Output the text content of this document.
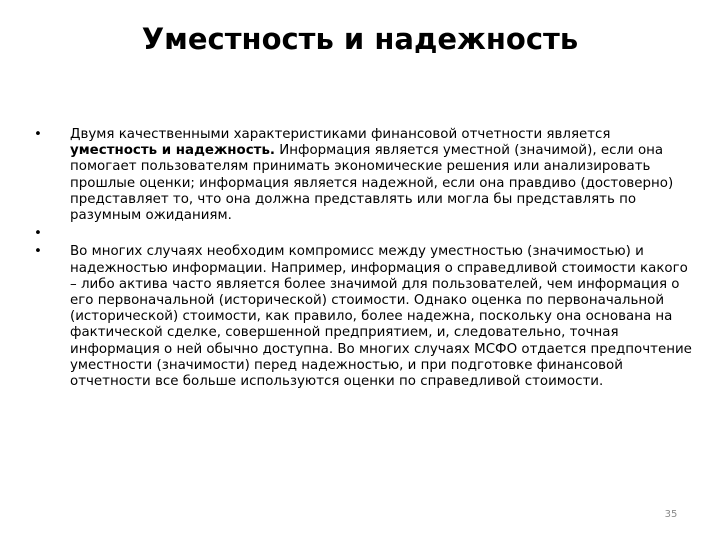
Уместность и надежность
• Двумя качественными характеристиками финансовой отчетности является уместность и надежность. Информация является уместной (значимой), если она помогает пользователям принимать экономические решения или анализировать прошлые оценки; информация является надежной, если она правдиво (достоверно) представляет то, что она должна представлять или могла бы представлять по разумным ожиданиям.
•
• Во многих случаях необходим компромисс между уместностью (значимостью) и надежностью информации. Например, информация о справедливой стоимости какого – либо актива часто является более значимой для пользователей, чем информация о его первоначальной (исторической) стоимости. Однако оценка по первоначальной (исторической) стоимости, как правило, более надежна, поскольку она основана на фактической сделке, совершенной предприятием, и, следовательно, точная информация о ней обычно доступна. Во многих случаях МСФО отдается предпочтение уместности (значимости) перед надежностью, и при подготовке финансовой отчетности все больше используются оценки по справедливой стоимости.
35
